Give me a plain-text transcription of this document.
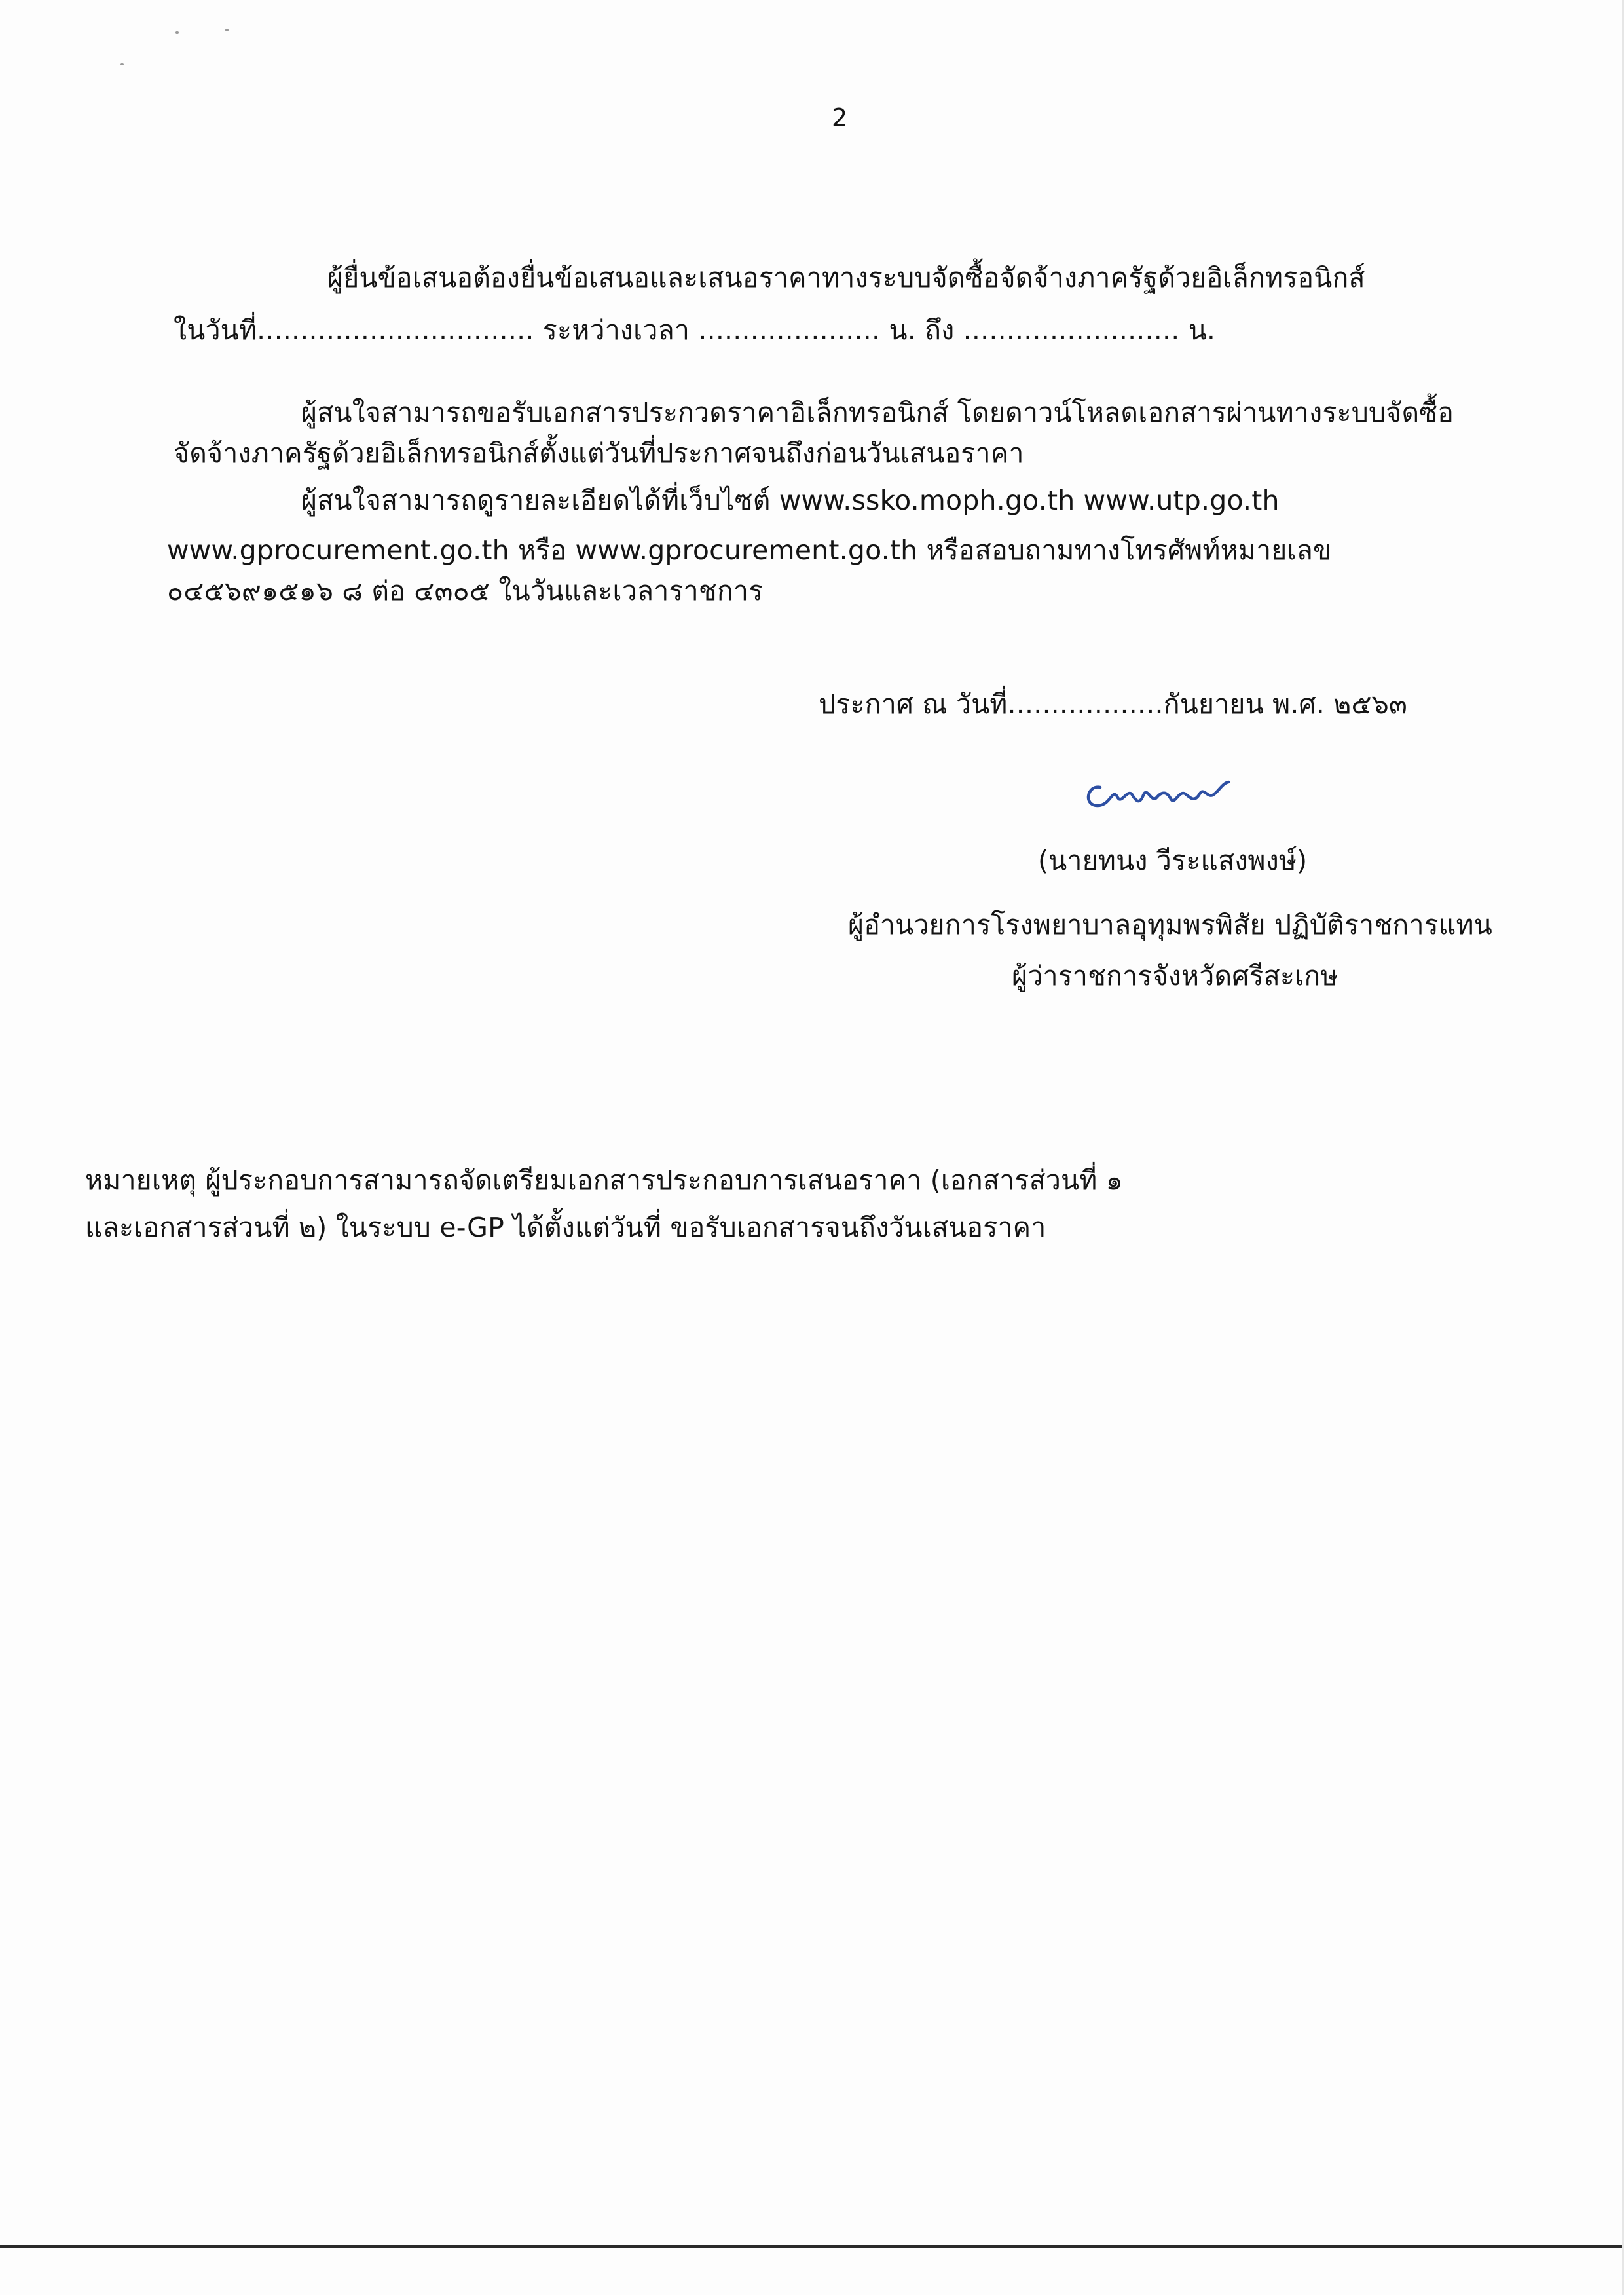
2
ผู้ยื่นข้อเสนอต้องยื่นข้อเสนอและเสนอราคาทางระบบจัดซื้อจัดจ้างภาครัฐด้วยอิเล็กทรอนิกส์
ในวันที่................................ ระหว่างเวลา ..................... น. ถึง ......................... น.
ผู้สนใจสามารถขอรับเอกสารประกวดราคาอิเล็กทรอนิกส์ โดยดาวน์โหลดเอกสารผ่านทางระบบจัดซื้อ
จัดจ้างภาครัฐด้วยอิเล็กทรอนิกส์ตั้งแต่วันที่ประกาศจนถึงก่อนวันเสนอราคา
ผู้สนใจสามารถดูรายละเอียดได้ที่เว็บไซต์ www.ssko.moph.go.th www.utp.go.th
www.gprocurement.go.th หรือ www.gprocurement.go.th หรือสอบถามทางโทรศัพท์หมายเลข
๐๔๕๖๙๑๕๑๖ ๘ ต่อ ๔๓๐๕ ในวันและเวลาราชการ
ประกาศ ณ วันที่..................กันยายน พ.ศ. ๒๕๖๓
(นายทนง วีระแสงพงษ์)
ผู้อำนวยการโรงพยาบาลอุทุมพรพิสัย ปฏิบัติราชการแทน
ผู้ว่าราชการจังหวัดศรีสะเกษ
หมายเหตุ ผู้ประกอบการสามารถจัดเตรียมเอกสารประกอบการเสนอราคา (เอกสารส่วนที่ ๑
และเอกสารส่วนที่ ๒) ในระบบ e-GP ได้ตั้งแต่วันที่ ขอรับเอกสารจนถึงวันเสนอราคา
